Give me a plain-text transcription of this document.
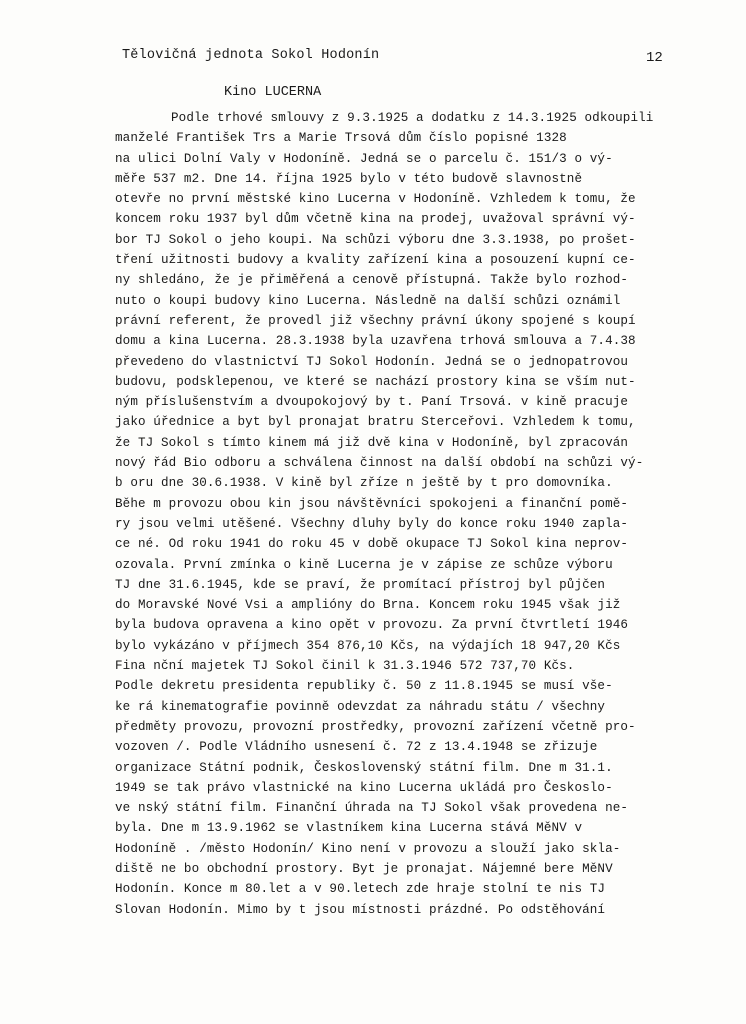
Tělovičná jednota Sokol Hodonín	12
Kino LUCERNA
Podle trhové smlouvy z 9.3.1925 a dodatku z 14.3.1925 odkoupili
manželé František Trs a Marie Trsová dům číslo popisné 1328
na ulici Dolní Valy v Hodoníně. Jedná se o parcelu č. 151/3 o vý-
měře 537 m2. Dne 14. října 1925 bylo v této budově slavnostně
otevře no první městské kino Lucerna v Hodoníně. Vzhledem k tomu, že
koncem roku 1937 byl dům včetně kina na prodej, uvažoval správní vý-
bor TJ Sokol o jeho koupi. Na schůzi výboru dne 3.3.1938, po prošet-
tření užitnosti budovy a kvality zařízení kina a posouzení kupní ce-
ny shledáno, že je přiměřená a cenově přístupná. Takže bylo rozhod-
nuto o koupi budovy kino Lucerna. Následně na další schůzi oznámil
právní referent, že provedl již všechny právní úkony spojené s koupí
domu a kina Lucerna. 28.3.1938 byla uzavřena trhová smlouva a 7.4.38
převedeno do vlastnictví TJ Sokol Hodonín. Jedná se o jednopatrovou
budovu, podsklepenou, ve které se nachází prostory kina se vším nut-
ným příslušenstvím a dvoupokojový by t. Paní Trsová. v kině pracuje
jako úřednice a byt byl pronajat bratru Sterceřovi. Vzhledem k tomu,
že TJ Sokol s tímto kinem má již dvě kina v Hodoníně, byl zpracován
nový řád Bio odboru a schválena činnost na další období na schůzi vý-
b oru dne 30.6.1938. V kině byl zříze n ještě by t pro domovníka.
Běhe m provozu obou kin jsou návštěvníci spokojeni a finanční pomě-
ry jsou velmi utěšené. Všechny dluhy byly do konce roku 1940 zapla-
ce né. Od roku 1941 do roku 45 v době okupace TJ Sokol kina neprov-
ozovala. První zmínka o kině Lucerna je v zápise ze schůze výboru
TJ dne 31.6.1945, kde se praví, že promítací přístroj byl půjčen
do Moravské Nové Vsi a amplióny do Brna. Koncem roku 1945 však již
byla budova opravena a kino opět v provozu. Za první čtvrtletí 1946
bylo vykázáno v příjmech 354 876,10 Kčs, na výdajích 18 947,20 Kčs
Fina nční majetek TJ Sokol činil k 31.3.1946 572 737,70 Kčs.
Podle dekretu presidenta republiky č. 50 z 11.8.1945 se musí vše-
ke rá kinematografie povinně odevzdat za náhradu státu / všechny
předměty provozu, provozní prostředky, provozní zařízení včetně pro-
vozoven /. Podle Vládního usnesení č. 72 z 13.4.1948 se zřizuje
organizace Státní podnik, Československý státní film. Dne m 31.1.
1949 se tak právo vlastnické na kino Lucerna ukládá pro Českoslo-
ve nský státní film. Finanční úhrada na TJ Sokol však provedena ne-
byla. Dne m 13.9.1962 se vlastníkem kina Lucerna stává MěNV v
Hodoníně . /město Hodonín/ Kino není v provozu a slouží jako skla-
diště ne bo obchodní prostory. Byt je pronajat. Nájemné bere MěNV
Hodonín. Konce m 80.let a v 90.letech zde hraje stolní te nis TJ
Slovan Hodonín. Mimo by t jsou místnosti prázdné. Po odstěhování
